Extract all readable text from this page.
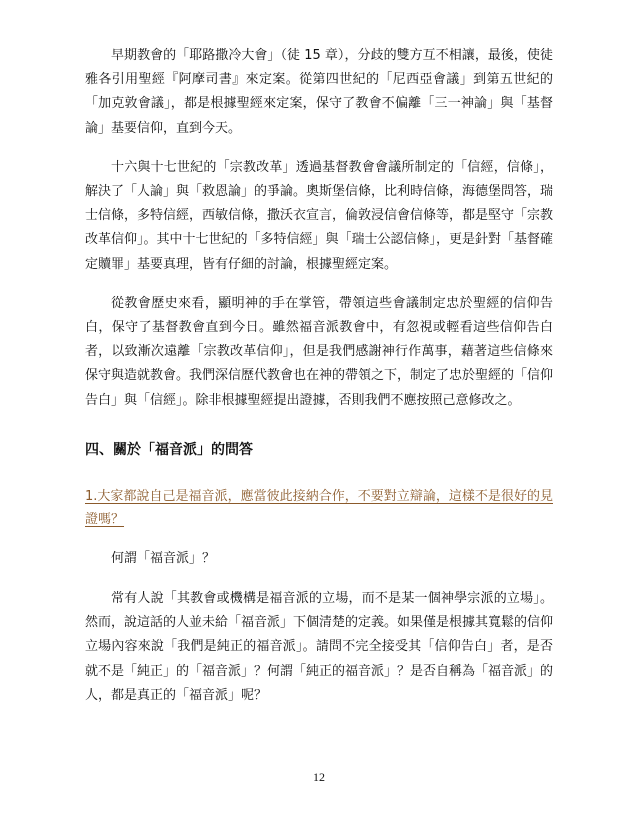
早期教會的「耶路撒冷大會」（徒 15 章），分歧的雙方互不相讓，最後，使徒雅各引用聖經『阿摩司書』來定案。從第四世紀的「尼西亞會議」到第五世紀的「加克敦會議」，都是根據聖經來定案，保守了教會不偏離「三一神論」與「基督論」基要信仰，直到今天。

十六與十七世紀的「宗教改革」透過基督教會會議所制定的「信經，信條」，解決了「人論」與「救恩論」的爭論。奧斯堡信條，比利時信條，海德堡問答，瑞士信條，多特信經，西敏信條，撒沃衣宣言，倫敦浸信會信條等，都是堅守「宗教改革信仰」。其中十七世紀的「多特信經」與「瑞士公認信條」，更是針對「基督確定贖罪」基要真理，皆有仔細的討論，根據聖經定案。

從教會歷史來看，顯明神的手在掌管，帶領這些會議制定忠於聖經的信仰告白，保守了基督教會直到今日。雖然福音派教會中，有忽視或輕看這些信仰告白者，以致漸次遠離「宗教改革信仰」，但是我們感謝神行作萬事，藉著這些信條來保守與造就教會。我們深信歷代教會也在神的帶領之下，制定了忠於聖經的「信仰告白」與「信經」。除非根據聖經提出證據，否則我們不應按照己意修改之。

四、關於「福音派」的問答

1.大家都說自己是福音派，應當彼此接納合作，不要對立辯論，這樣不是很好的見證嗎？

何謂「福音派」？

常有人說「其教會或機構是福音派的立場，而不是某一個神學宗派的立場」。然而，說這話的人並未給「福音派」下個清楚的定義。如果僅是根據其寬鬆的信仰立場內容來說「我們是純正的福音派」。請問不完全接受其「信仰告白」者，是否就不是「純正」的「福音派」？何謂「純正的福音派」？是否自稱為「福音派」的人，都是真正的「福音派」呢？

12
